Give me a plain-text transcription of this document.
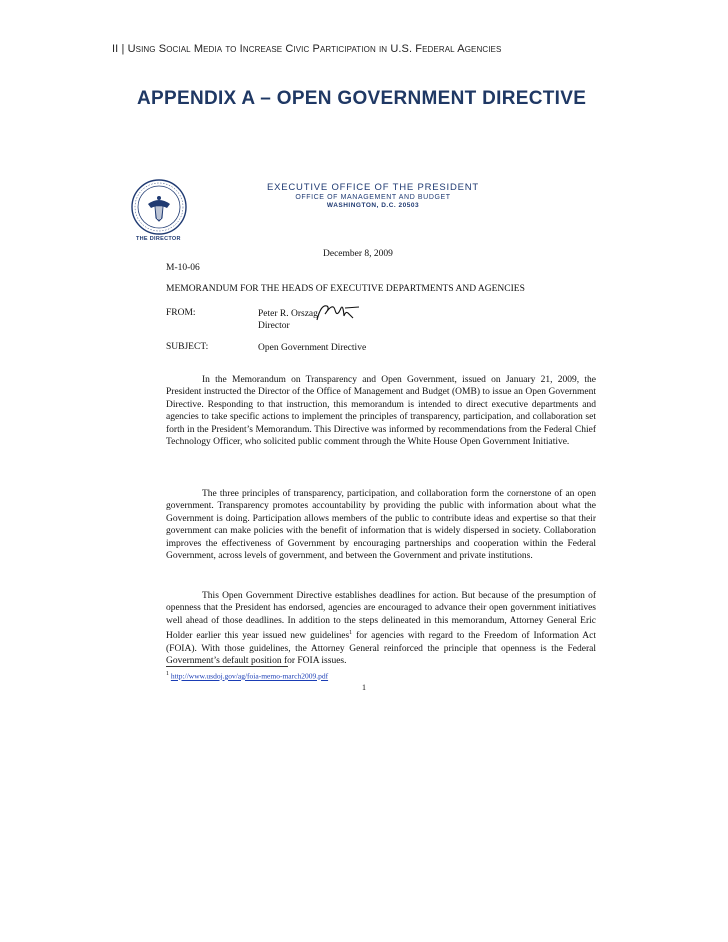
II | Using Social Media to Increase Civic Participation in U.S. Federal Agencies
APPENDIX A – OPEN GOVERNMENT DIRECTIVE
THE DIRECTOR
EXECUTIVE OFFICE OF THE PRESIDENT
OFFICE OF MANAGEMENT AND BUDGET
WASHINGTON, D.C. 20503
December 8, 2009
M-10-06
MEMORANDUM FOR THE HEADS OF EXECUTIVE DEPARTMENTS AND AGENCIES
FROM:	Peter R. Orszag
Director
SUBJECT:	Open Government Directive

In the Memorandum on Transparency and Open Government, issued on January 21, 2009, the President instructed the Director of the Office of Management and Budget (OMB) to issue an Open Government Directive. Responding to that instruction, this memorandum is intended to direct executive departments and agencies to take specific actions to implement the principles of transparency, participation, and collaboration set forth in the President’s Memorandum. This Directive was informed by recommendations from the Federal Chief Technology Officer, who solicited public comment through the White House Open Government Initiative.

The three principles of transparency, participation, and collaboration form the cornerstone of an open government. Transparency promotes accountability by providing the public with information about what the Government is doing. Participation allows members of the public to contribute ideas and expertise so that their government can make policies with the benefit of information that is widely dispersed in society. Collaboration improves the effectiveness of Government by encouraging partnerships and cooperation within the Federal Government, across levels of government, and between the Government and private institutions.

This Open Government Directive establishes deadlines for action. But because of the presumption of openness that the President has endorsed, agencies are encouraged to advance their open government initiatives well ahead of those deadlines. In addition to the steps delineated in this memorandum, Attorney General Eric Holder earlier this year issued new guidelines$^1$ for agencies with regard to the Freedom of Information Act (FOIA). With those guidelines, the Attorney General reinforced the principle that openness is the Federal Government’s default position for FOIA issues.

$^1$ http://www.usdoj.gov/ag/foia-memo-march2009.pdf
1
